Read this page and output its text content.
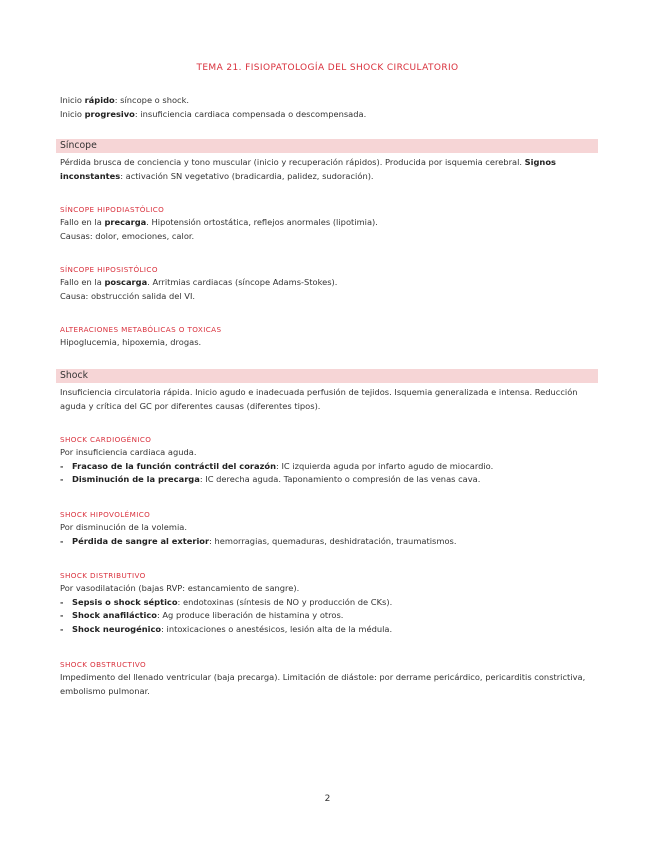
TEMA 21. FISIOPATOLOGÍA DEL SHOCK CIRCULATORIO
Inicio rápido: síncope o shock.
Inicio progresivo: insuficiencia cardiaca compensada o descompensada.
Síncope
Pérdida brusca de conciencia y tono muscular (inicio y recuperación rápidos). Producida por isquemia cerebral. Signos inconstantes: activación SN vegetativo (bradicardia, palidez, sudoración).
SÍNCOPE HIPODIASTÓLICO
Fallo en la precarga. Hipotensión ortostática, reflejos anormales (lipotimia).
Causas: dolor, emociones, calor.
SÍNCOPE HIPOSISTÓLICO
Fallo en la poscarga. Arritmias cardiacas (síncope Adams-Stokes).
Causa: obstrucción salida del VI.
ALTERACIONES METABÓLICAS O TOXICAS
Hipoglucemia, hipoxemia, drogas.
Shock
Insuficiencia circulatoria rápida. Inicio agudo e inadecuada perfusión de tejidos. Isquemia generalizada e intensa. Reducción aguda y crítica del GC por diferentes causas (diferentes tipos).
SHOCK CARDIOGÉNICO
Por insuficiencia cardiaca aguda.
- Fracaso de la función contráctil del corazón: IC izquierda aguda por infarto agudo de miocardio.
- Disminución de la precarga: IC derecha aguda. Taponamiento o compresión de las venas cava.
SHOCK HIPOVOLÉMICO
Por disminución de la volemia.
- Pérdida de sangre al exterior: hemorragias, quemaduras, deshidratación, traumatismos.
SHOCK DISTRIBUTIVO
Por vasodilatación (bajas RVP: estancamiento de sangre).
- Sepsis o shock séptico: endotoxinas (síntesis de NO y producción de CKs).
- Shock anafiláctico: Ag produce liberación de histamina y otros.
- Shock neurogénico: intoxicaciones o anestésicos, lesión alta de la médula.
SHOCK OBSTRUCTIVO
Impedimento del llenado ventricular (baja precarga). Limitación de diástole: por derrame pericárdico, pericarditis constrictiva, embolismo pulmonar.
2
